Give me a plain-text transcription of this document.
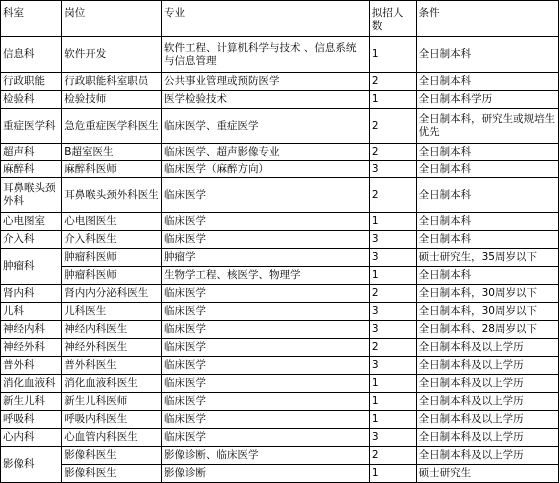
科室	岗位	专业	拟招人数	条件
信息科	软件开发	软件工程、计算机科学与技术 、信息系统与信息管理	1	全日制本科
行政职能	行政职能科室职员	公共事业管理或预防医学	2	全日制本科
检验科	检验技师	医学检验技术	1	全日制本科学历
重症医学科	急危重症医学科医生	临床医学、重症医学	2	全日制本科，研究生或规培生优先
超声科	B超室医生	临床医学、超声影像专业	2	全日制本科
麻醉科	麻醉科医师	临床医学（麻醉方向）	3	全日制本科
耳鼻喉头颈外科	耳鼻喉头颈外科医生	临床医学	2	全日制本科
心电图室	心电图医生	临床医学	1	全日制本科
介入科	介入科医生	临床医学	3	全日制本科
肿瘤科	肿瘤科医师	肿瘤学	3	硕士研究生，35周岁以下
	肿瘤科医师	生物学工程、核医学、物理学	1	全日制本科
肾内科	肾内内分泌科医生	临床医学	2	全日制本科，30周岁以下
儿科	儿科医生	临床医学	3	全日制本科，30周岁以下
神经内科	神经内科医生	临床医学	3	全日制本科、28周岁以下
神经外科	神经外科医生	临床医学	2	全日制本科及以上学历
普外科	普外科医生	临床医学	3	全日制本科及以上学历
消化血液科	消化血液科医生	临床医学	1	全日制本科及以上学历
新生儿科	新生儿科医师	临床医学	1	全日制本科及以上学历
呼吸科	呼吸内科医生	临床医学	1	全日制本科及以上学历
心内科	心血管内科医生	临床医学	3	全日制本科及以上学历
影像科	影像科医生	影像诊断、临床医学	2	全日制本科及以上学历
	影像科医生	影像诊断	1	硕士研究生
